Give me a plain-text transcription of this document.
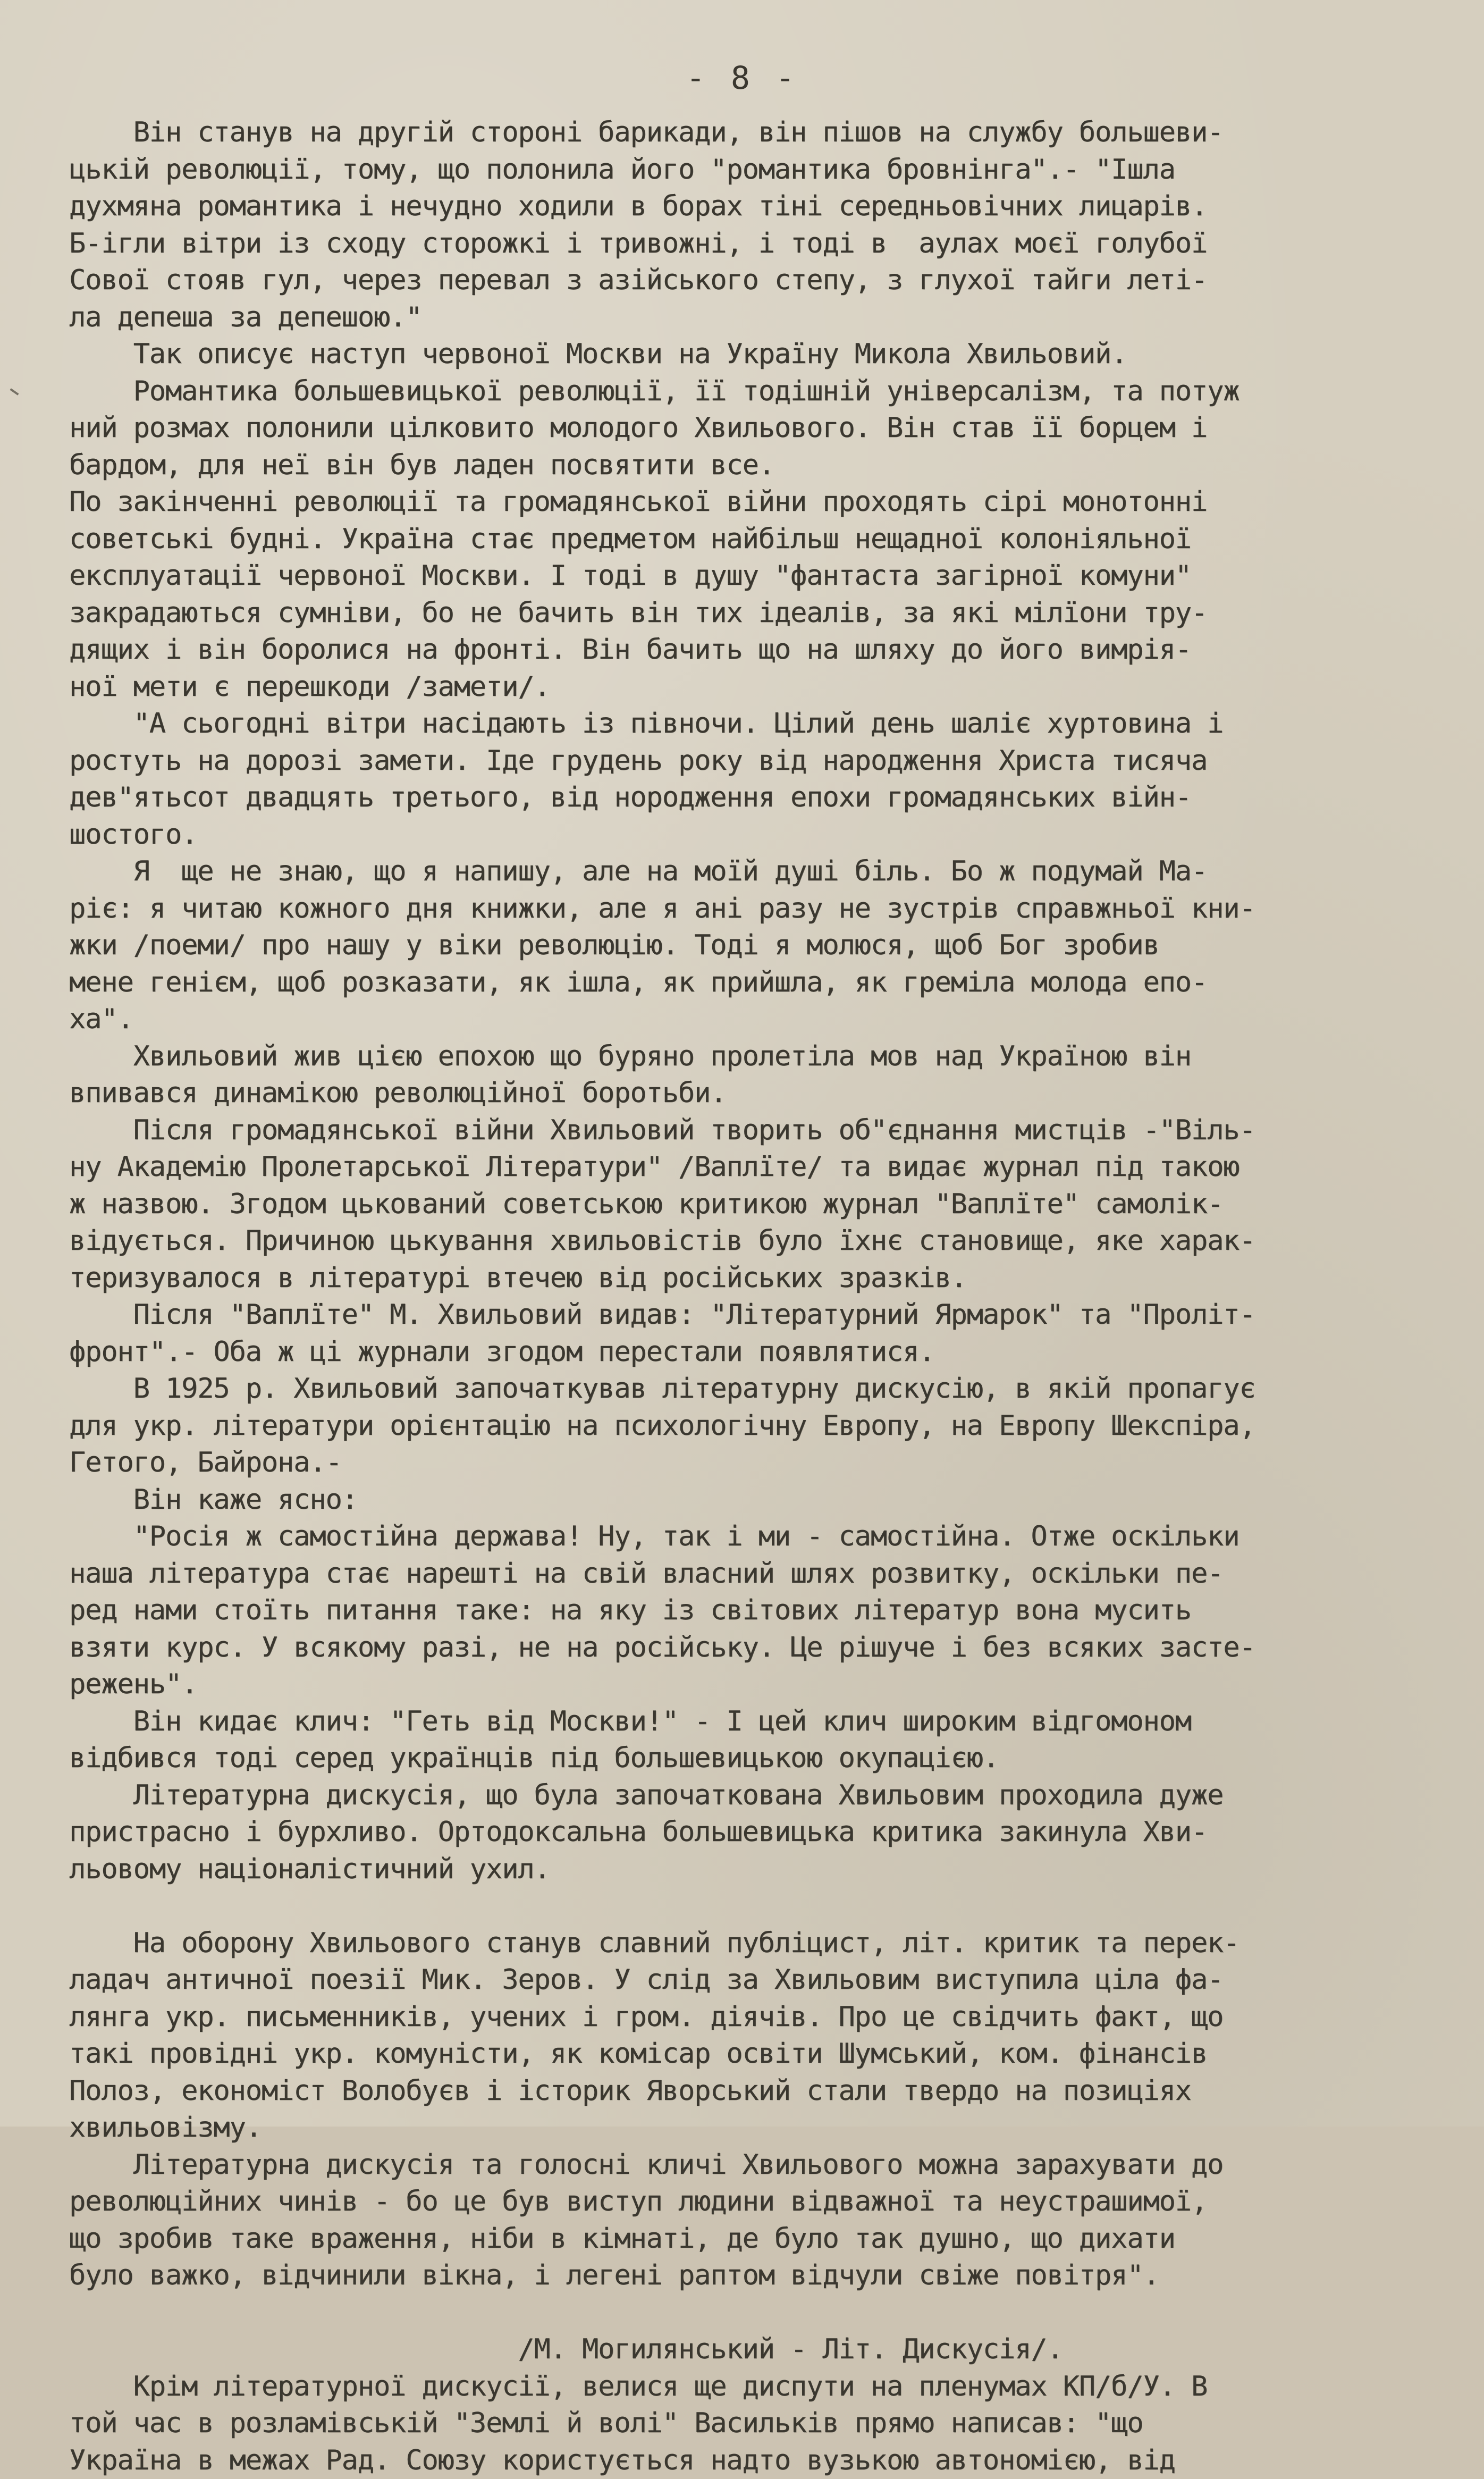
- 8 -
Він станув на другій стороні барикади, він пішов на службу большеви-
цькій революції, тому, що полонила його "романтика бровнінга".- "Ішла
духмяна романтика і нечудно ходили в борах тіні середньовічних лицарів.
Б-ігли вітри із сходу сторожкі і тривожні, і тоді в  аулах моєї голубої
Сової стояв гул, через перевал з азійського степу, з глухої тайги леті-
ла депеша за депешою."
Так описує наступ червоної Москви на Україну Микола Хвильовий.
Романтика большевицької революції, її тодішній універсалізм, та потуж
ний розмах полонили цілковито молодого Хвильового. Він став її борцем і
бардом, для неї він був ладен посвятити все.
По закінченні революції та громадянської війни проходять сірі монотонні
советські будні. Україна стає предметом найбільш нещадної колоніяльної
експлуатації червоної Москви. І тоді в душу "фантаста загірної комуни"
закрадаються сумніви, бо не бачить він тих ідеалів, за які мілїони тру-
дящих і він боролися на фронті. Він бачить що на шляху до його вимрія-
ної мети є перешкоди /замети/.
"А сьогодні вітри насідають із півночи. Цілий день шаліє хуртовина і
ростуть на дорозі замети. Іде грудень року від народження Христа тисяча
дев"ятьсот двадцять третього, від нородження епохи громадянських війн-
шостого.
Я  ще не знаю, що я напишу, але на моїй душі біль. Бо ж подумай Ма-
ріє: я читаю кожного дня книжки, але я ані разу не зустрів справжньої кни-
жки /поеми/ про нашу у віки революцію. Тоді я молюся, щоб Бог зробив
мене генієм, щоб розказати, як ішла, як прийшла, як греміла молода епо-
ха".
Хвильовий жив цією епохою що буряно пролетіла мов над Україною він
впивався динамікою революційної боротьби.
Після громадянської війни Хвильовий творить об"єднання мистців -"Віль-
ну Академію Пролетарської Літератури" /Ваплїте/ та видає журнал під такою
ж назвою. Згодом цькований советською критикою журнал "Ваплїте" самолік-
відується. Причиною цькування хвильовістів було їхнє становище, яке харак-
теризувалося в літературі втечею від російських зразків.
Після "Ваплїте" М. Хвильовий видав: "Літературний Ярмарок" та "Проліт-
фронт".- Оба ж ці журнали згодом перестали появлятися.
В 1925 р. Хвильовий започаткував літературну дискусію, в якій пропагує
для укр. літератури орієнтацію на психологічну Европу, на Европу Шекспіра,
Гетого, Байрона.-
Він каже ясно:
"Росія ж самостійна держава! Ну, так і ми - самостійна. Отже оскільки
наша література стає нарешті на свій власний шлях розвитку, оскільки пе-
ред нами стоїть питання таке: на яку із світових літератур вона мусить
взяти курс. У всякому разі, не на російську. Це рішуче і без всяких засте-
режень".
Він кидає клич: "Геть від Москви!" - І цей клич широким відгомоном
відбився тоді серед українців під большевицькою окупацією.
Літературна дискусія, що була започаткована Хвильовим проходила дуже
пристрасно і бурхливо. Ортодоксальна большевицька критика закинула Хви-
льовому націоналістичний ухил.
На оборону Хвильового станув славний публіцист, літ. критик та перек-
ладач античної поезії Мик. Зеров. У слід за Хвильовим виступила ціла фа-
лянга укр. письменників, учених і гром. діячів. Про це свідчить факт, що
такі провідні укр. комуністи, як комісар освіти Шумський, ком. фінансів
Полоз, економіст Волобуєв і історик Яворський стали твердо на позиціях
хвильовізму.
Літературна дискусія та голосні кличі Хвильового можна зарахувати до
революційних чинів - бо це був виступ людини відважної та неустрашимої,
що зробив таке враження, ніби в кімнаті, де було так душно, що дихати
було важко, відчинили вікна, і легені раптом відчули свіже повітря".
/М. Могилянський - Літ. Дискусія/.
Крім літературної дискусії, велися ще диспути на пленумах КП/б/У. В
той час в розламівській "Землі й волі" Васильків прямо написав: "що
Україна в межах Рад. Союзу користується надто вузькою автономією, від
